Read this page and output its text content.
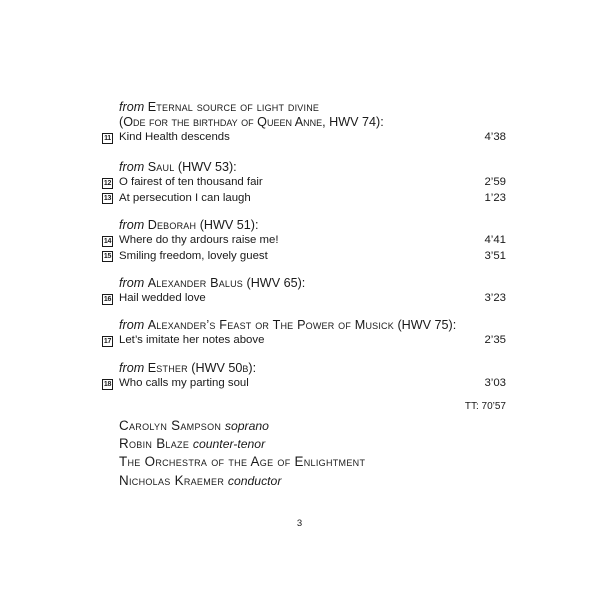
from Eternal source of light divine
(Ode for the birthday of Queen Anne, HWV 74):
11 Kind Health descends	4’38
from Saul (HWV 53):
12 O fairest of ten thousand fair	2’59
13 At persecution I can laugh	1’23
from Deborah (HWV 51):
14 Where do thy ardours raise me!	4’41
15 Smiling freedom, lovely guest	3’51
from Alexander Balus (HWV 65):
16 Hail wedded love	3’23
from Alexander’s Feast or The Power of Musick (HWV 75):
17 Let’s imitate her notes above	2’35
from Esther (HWV 50b):
18 Who calls my parting soul	3’03
TT: 70’57
Carolyn Sampson soprano
Robin Blaze counter-tenor
The Orchestra of the Age of Enlightment
Nicholas Kraemer conductor
3
